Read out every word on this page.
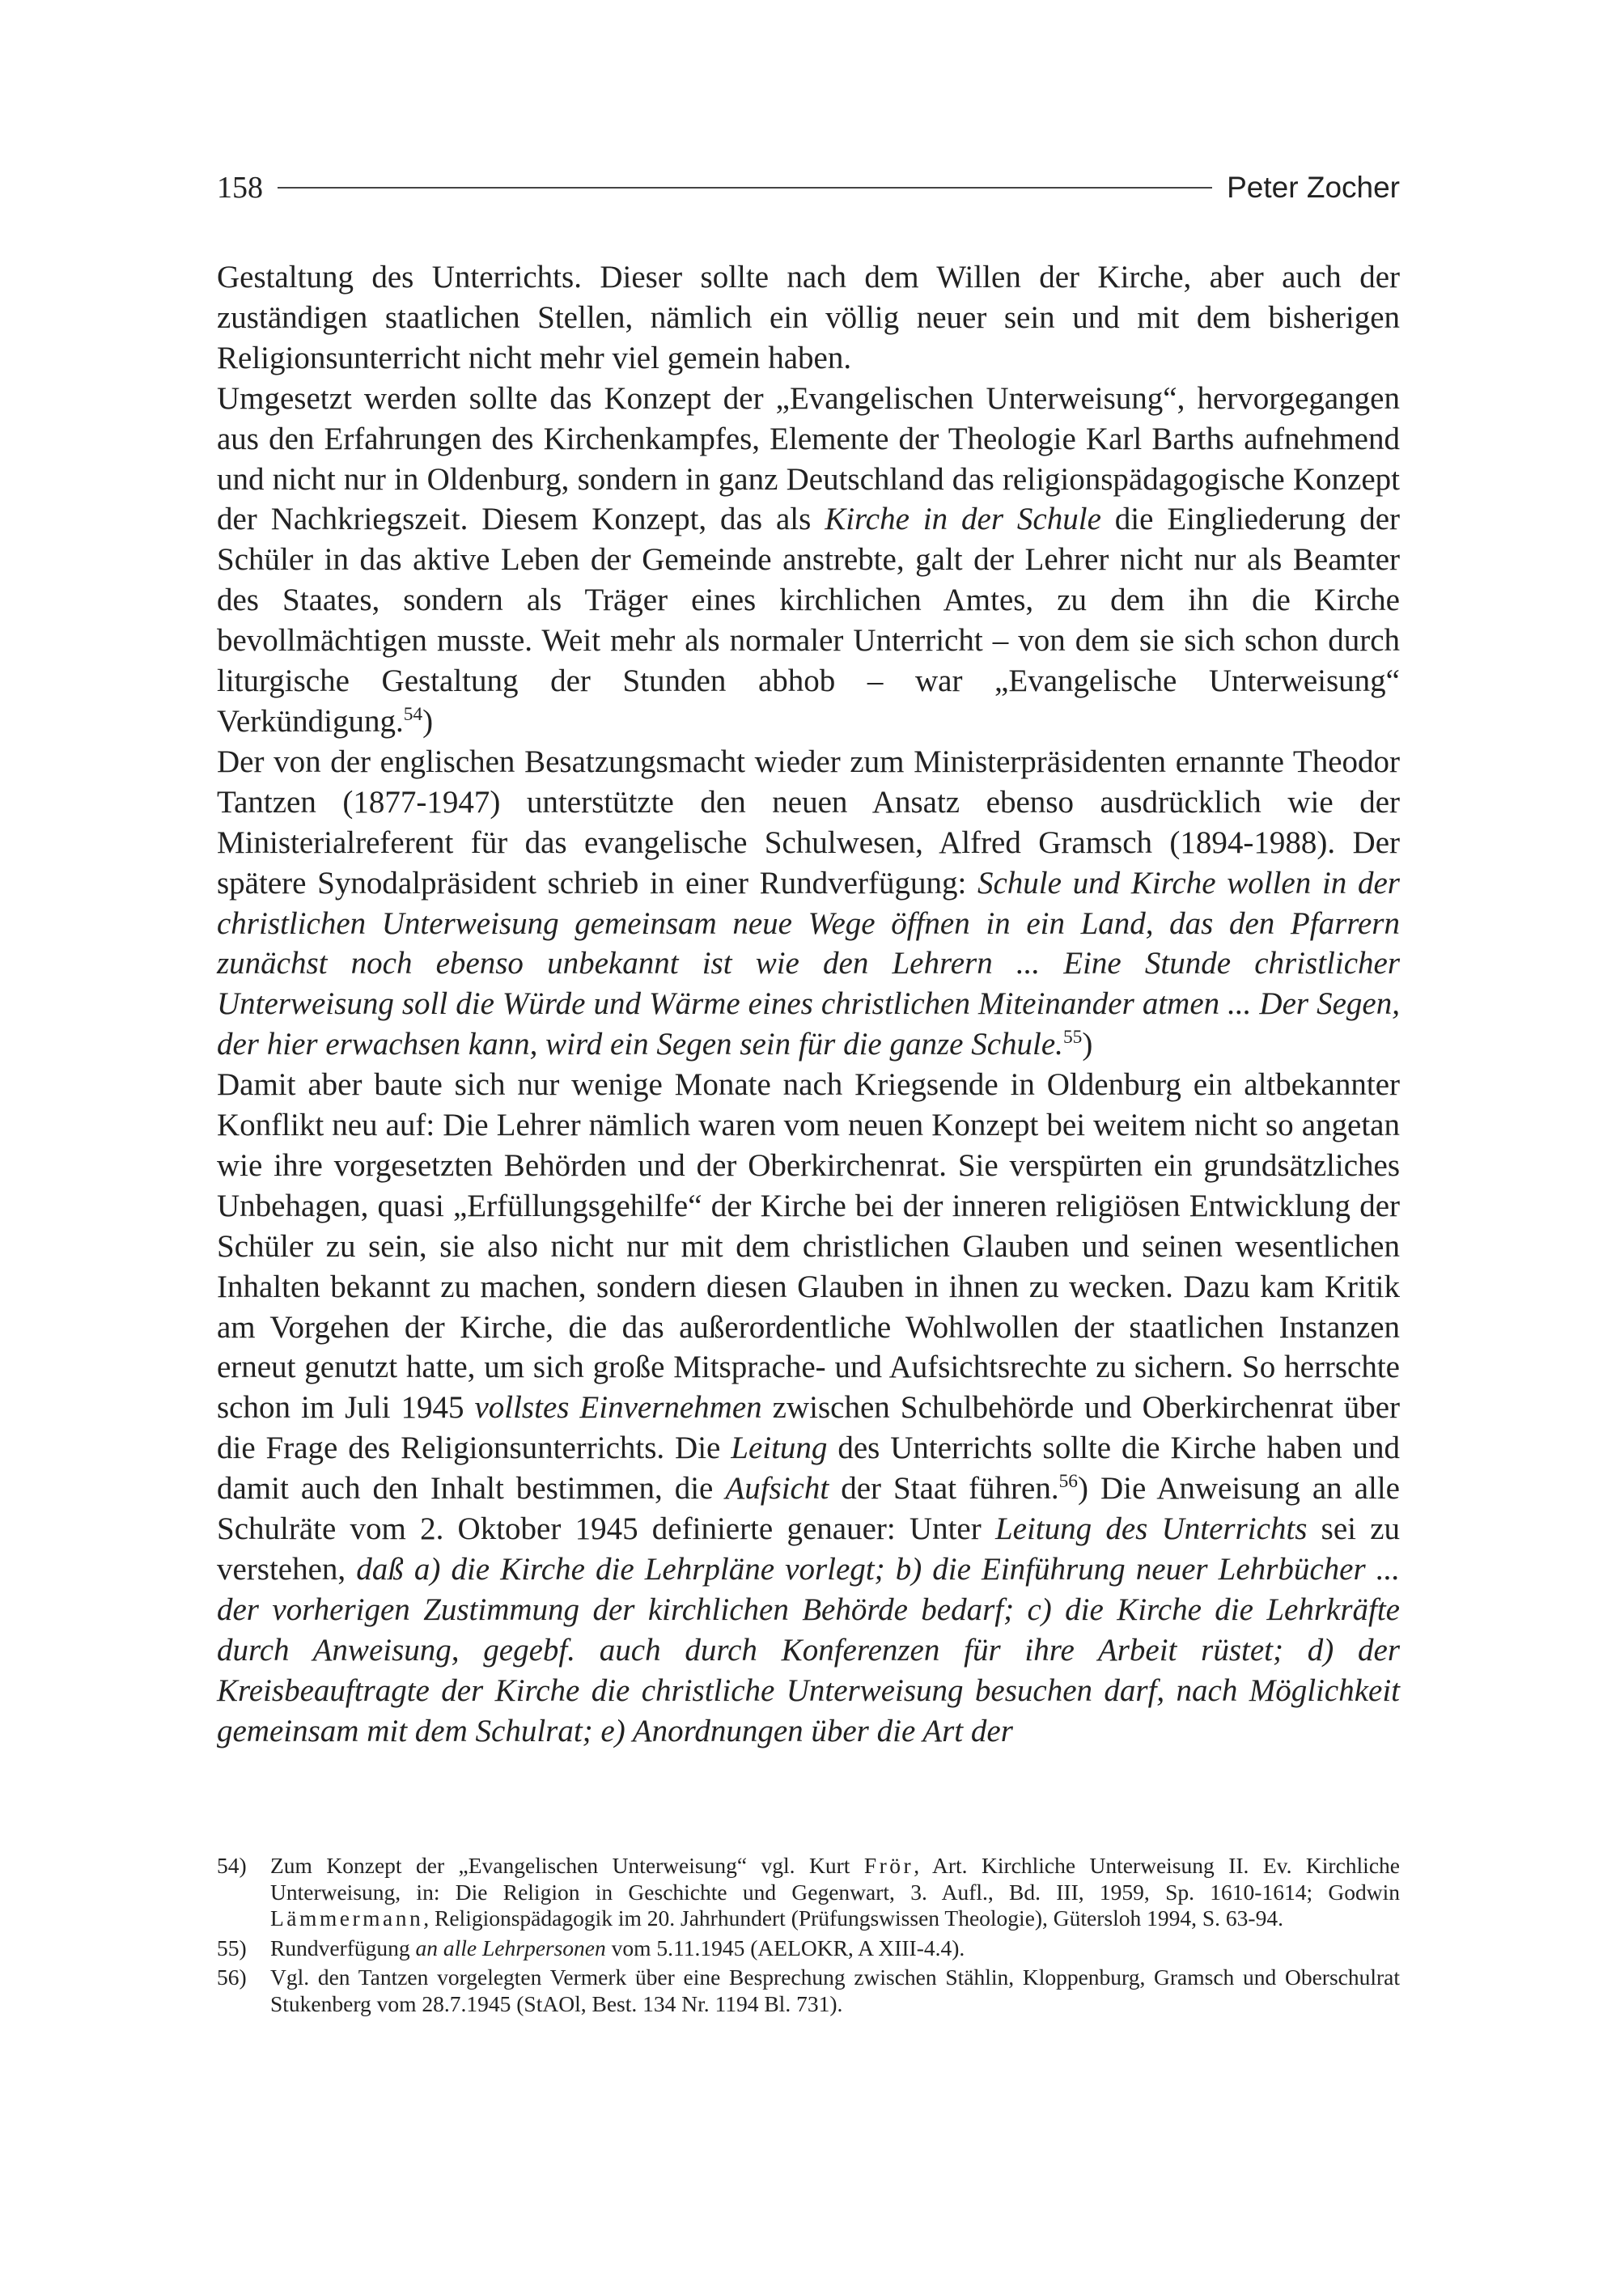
158	Peter Zocher

Gestaltung des Unterrichts. Dieser sollte nach dem Willen der Kirche, aber auch der zuständigen staatlichen Stellen, nämlich ein völlig neuer sein und mit dem bisherigen Religionsunterricht nicht mehr viel gemein haben.

Umgesetzt werden sollte das Konzept der „Evangelischen Unterweisung“, hervorgegangen aus den Erfahrungen des Kirchenkampfes, Elemente der Theologie Karl Barths aufnehmend und nicht nur in Oldenburg, sondern in ganz Deutschland das religionspädagogische Konzept der Nachkriegszeit. Diesem Konzept, das als Kirche in der Schule die Eingliederung der Schüler in das aktive Leben der Gemeinde anstrebte, galt der Lehrer nicht nur als Beamter des Staates, sondern als Träger eines kirchlichen Amtes, zu dem ihn die Kirche bevollmächtigen musste. Weit mehr als normaler Unterricht – von dem sie sich schon durch liturgische Gestaltung der Stunden abhob – war „Evangelische Unterweisung“ Verkündigung.$^{54}$)

Der von der englischen Besatzungsmacht wieder zum Ministerpräsidenten ernannte Theodor Tantzen (1877-1947) unterstützte den neuen Ansatz ebenso ausdrücklich wie der Ministerialreferent für das evangelische Schulwesen, Alfred Gramsch (1894-1988). Der spätere Synodalpräsident schrieb in einer Rundverfügung: Schule und Kirche wollen in der christlichen Unterweisung gemeinsam neue Wege öffnen in ein Land, das den Pfarrern zunächst noch ebenso unbekannt ist wie den Lehrern ... Eine Stunde christlicher Unterweisung soll die Würde und Wärme eines christlichen Miteinander atmen ... Der Segen, der hier erwachsen kann, wird ein Segen sein für die ganze Schule.$^{55}$)

Damit aber baute sich nur wenige Monate nach Kriegsende in Oldenburg ein altbekannter Konflikt neu auf: Die Lehrer nämlich waren vom neuen Konzept bei weitem nicht so angetan wie ihre vorgesetzten Behörden und der Oberkirchenrat. Sie verspürten ein grundsätzliches Unbehagen, quasi „Erfüllungsgehilfe“ der Kirche bei der inneren religiösen Entwicklung der Schüler zu sein, sie also nicht nur mit dem christlichen Glauben und seinen wesentlichen Inhalten bekannt zu machen, sondern diesen Glauben in ihnen zu wecken. Dazu kam Kritik am Vorgehen der Kirche, die das außerordentliche Wohlwollen der staatlichen Instanzen erneut genutzt hatte, um sich große Mitsprache- und Aufsichtsrechte zu sichern. So herrschte schon im Juli 1945 vollstes Einvernehmen zwischen Schulbehörde und Oberkirchenrat über die Frage des Religionsunterrichts. Die Leitung des Unterrichts sollte die Kirche haben und damit auch den Inhalt bestimmen, die Aufsicht der Staat führen.$^{56}$) Die Anweisung an alle Schulräte vom 2. Oktober 1945 definierte genauer: Unter Leitung des Unterrichts sei zu verstehen, daß a) die Kirche die Lehrpläne vorlegt; b) die Einführung neuer Lehrbücher ... der vorherigen Zustimmung der kirchlichen Behörde bedarf; c) die Kirche die Lehrkräfte durch Anweisung, gegebf. auch durch Konferenzen für ihre Arbeit rüstet; d) der Kreisbeauftragte der Kirche die christliche Unterweisung besuchen darf, nach Möglichkeit gemeinsam mit dem Schulrat; e) Anordnungen über die Art der

54)	Zum Konzept der „Evangelischen Unterweisung“ vgl. Kurt Frör, Art. Kirchliche Unterweisung II. Ev. Kirchliche Unterweisung, in: Die Religion in Geschichte und Gegenwart, 3. Aufl., Bd. III, 1959, Sp. 1610-1614; Godwin Lämmermann, Religionspädagogik im 20. Jahrhundert (Prüfungswissen Theologie), Gütersloh 1994, S. 63-94.
55)	Rundverfügung an alle Lehrpersonen vom 5.11.1945 (AELOKR, A XIII-4.4).
56)	Vgl. den Tantzen vorgelegten Vermerk über eine Besprechung zwischen Stählin, Kloppenburg, Gramsch und Oberschulrat Stukenberg vom 28.7.1945 (StAOl, Best. 134 Nr. 1194 Bl. 731).
